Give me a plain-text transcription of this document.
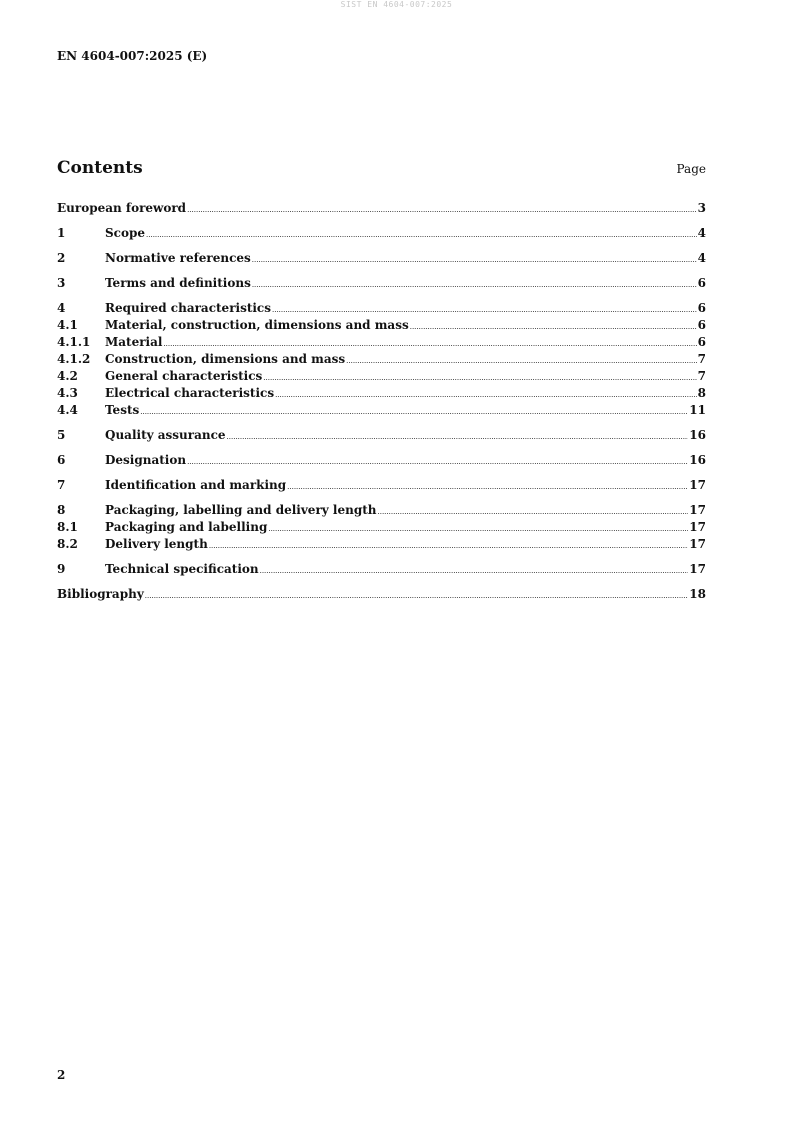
SIST EN 4604-007:2025
EN 4604-007:2025 (E)
Contents	Page
European foreword .....	3
1	Scope .....	4
2	Normative references .....	4
3	Terms and definitions .....	6
4	Required characteristics .....	6
4.1	Material, construction, dimensions and mass .....	6
4.1.1	Material .....	6
4.1.2	Construction, dimensions and mass .....	7
4.2	General characteristics .....	7
4.3	Electrical characteristics .....	8
4.4	Tests .....	11
5	Quality assurance .....	16
6	Designation .....	16
7	Identification and marking .....	17
8	Packaging, labelling and delivery length .....	17
8.1	Packaging and labelling .....	17
8.2	Delivery length .....	17
9	Technical specification .....	17
Bibliography .....	18
2
